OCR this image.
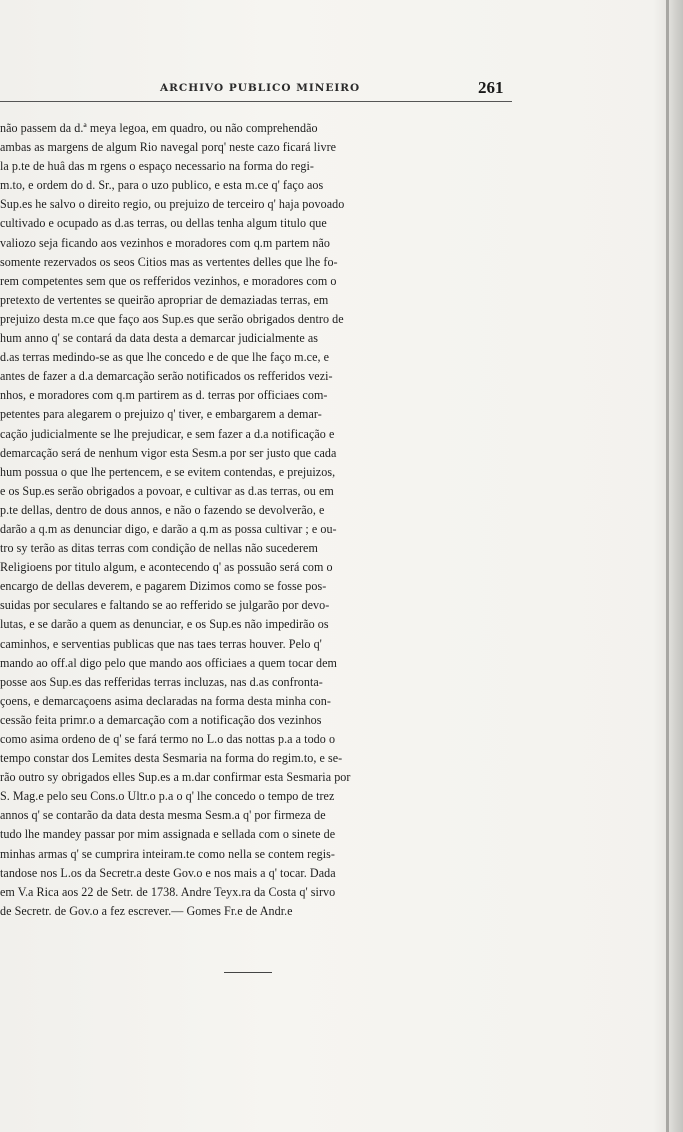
ARCHIVO PUBLICO MINEIRO	261
não passem da d.ª meya legoa, em quadro, ou não comprehendão
ambas as margens de algum Rio navegal porq' neste cazo ficará livre
la p.te de huâ das m rgens o espaço necessario na forma do regi-
m.to, e ordem do d. Sr., para o uzo publico, e esta m.ce q' faço aos
Sup.es he salvo o direito regio, ou prejuizo de terceiro q' haja povoado
cultivado e ocupado as d.as terras, ou dellas tenha algum titulo que
valiozo seja ficando aos vezinhos e moradores com q.m partem não
somente rezervados os seos Citios mas as vertentes delles que lhe fo-
rem competentes sem que os refferidos vezinhos, e moradores com o
pretexto de vertentes se queirão apropriar de demaziadas terras, em
prejuizo desta m.ce que faço aos Sup.es que serão obrigados dentro de
hum anno q' se contará da data desta a demarcar judicialmente as
d.as terras medindo-se as que lhe concedo e de que lhe faço m.ce, e
antes de fazer a d.a demarcação serão notificados os refferidos vezi-
nhos, e moradores com q.m partirem as d. terras por officiaes com-
petentes para alegarem o prejuizo q' tiver, e embargarem a demar-
cação judicialmente se lhe prejudicar, e sem fazer a d.a notificação e
demarcação será de nenhum vigor esta Sesm.a por ser justo que cada
hum possua o que lhe pertencem, e se evitem contendas, e prejuizos,
e os Sup.es serão obrigados a povoar, e cultivar as d.as terras, ou em
p.te dellas, dentro de dous annos, e não o fazendo se devolverão, e
darão a q.m as denunciar digo, e darão a q.m as possa cultivar ; e ou-
tro sy terão as ditas terras com condição de nellas não sucederem
Religioens por titulo algum, e acontecendo q' as possuão será com o
encargo de dellas deverem, e pagarem Dizimos como se fosse pos-
suidas por seculares e faltando se ao refferido se julgarão por devo-
lutas, e se darão a quem as denunciar, e os Sup.es não impedirão os
caminhos, e serventias publicas que nas taes terras houver. Pelo q'
mando ao off.al digo pelo que mando aos officiaes a quem tocar dem
posse aos Sup.es das refferidas terras incluzas, nas d.as confronta-
çoens, e demarcaçoens asima declaradas na forma desta minha con-
cessão feita primr.o a demarcação com a notificação dos vezinhos
como asima ordeno de q' se fará termo no L.o das nottas p.a a todo o
tempo constar dos Lemites desta Sesmaria na forma do regim.to, e se-
rão outro sy obrigados elles Sup.es a m.dar confirmar esta Sesmaria por
S. Mag.e pelo seu Cons.o Ultr.o p.a o q' lhe concedo o tempo de trez
annos q' se contarão da data desta mesma Sesm.a q' por firmeza de
tudo lhe mandey passar por mim assignada e sellada com o sinete de
minhas armas q' se cumprira inteiram.te como nella se contem regis-
tandose nos L.os da Secretr.a deste Gov.o e nos mais a q' tocar. Dada
em V.a Rica aos 22 de Setr. de 1738. Andre Teyx.ra da Costa q' sirvo
de Secretr. de Gov.o a fez escrever.— Gomes Fr.e de Andr.e
